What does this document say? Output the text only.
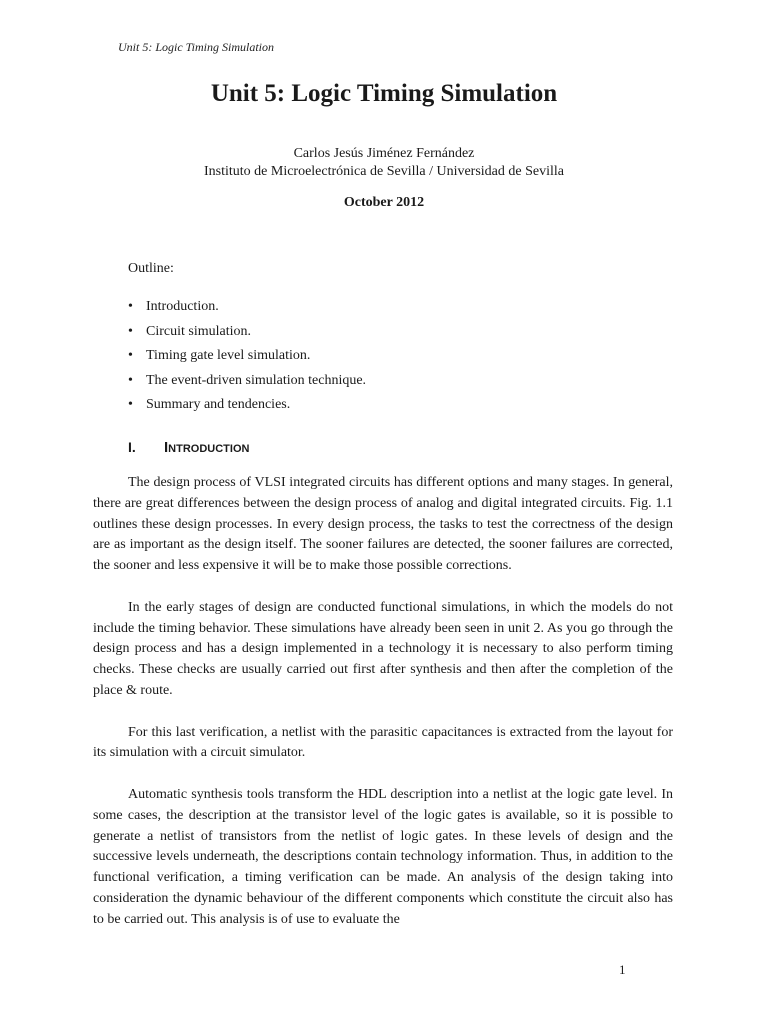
Unit 5: Logic Timing Simulation
Unit 5: Logic Timing Simulation
Carlos Jesús Jiménez Fernández
Instituto de Microelectrónica de Sevilla / Universidad de Sevilla
October 2012
Outline:
• Introduction.
• Circuit simulation.
• Timing gate level simulation.
• The event-driven simulation technique.
• Summary and tendencies.
I. INTRODUCTION

The design process of VLSI integrated circuits has different options and many stages. In general, there are great differences between the design process of analog and digital integrated circuits. Fig. 1.1 outlines these design processes. In every design process, the tasks to test the correctness of the design are as important as the design itself. The sooner failures are detected, the sooner failures are corrected, the sooner and less expensive it will be to make those possible corrections.

In the early stages of design are conducted functional simulations, in which the models do not include the timing behavior. These simulations have already been seen in unit 2. As you go through the design process and has a design implemented in a technology it is necessary to also perform timing checks. These checks are usually carried out first after synthesis and then after the completion of the place & route.

For this last verification, a netlist with the parasitic capacitances is extracted from the layout for its simulation with a circuit simulator.

Automatic synthesis tools transform the HDL description into a netlist at the logic gate level. In some cases, the description at the transistor level of the logic gates is available, so it is possible to generate a netlist of transistors from the netlist of logic gates. In these levels of design and the successive levels underneath, the descriptions contain technology information. Thus, in addition to the functional verification, a timing verification can be made. An analysis of the design taking into consideration the dynamic behaviour of the different components which constitute the circuit also has to be carried out. This analysis is of use to evaluate the

1
